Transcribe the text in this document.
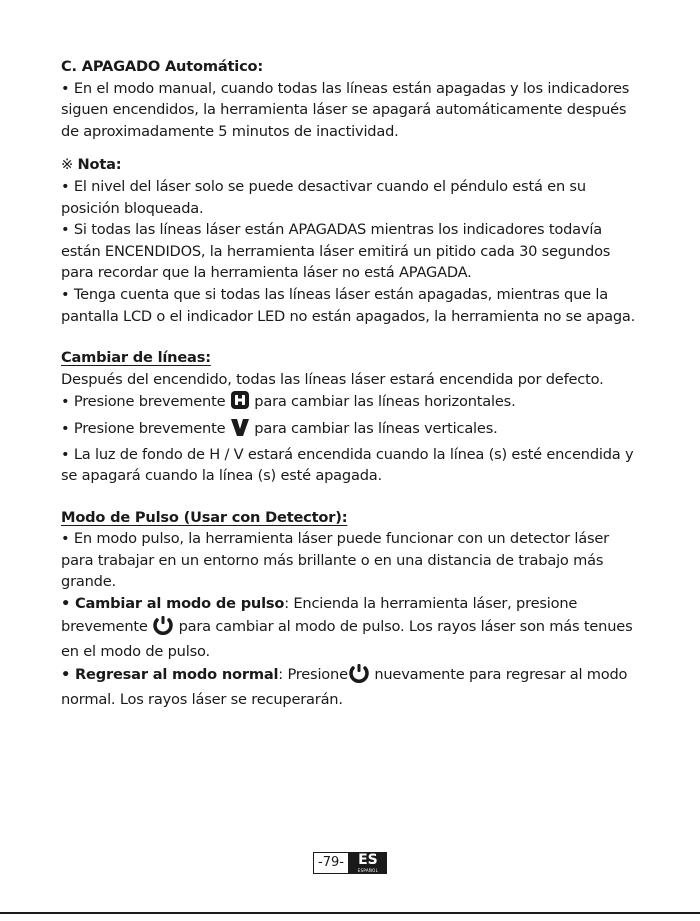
C. APAGADO Automático:

• En el modo manual, cuando todas las líneas están apagadas y los indicadores siguen encendidos, la herramienta láser se apagará automáticamente después de aproximadamente 5 minutos de inactividad.

※ Nota:

• El nivel del láser solo se puede desactivar cuando el péndulo está en su posición bloqueada.

• Si todas las líneas láser están APAGADAS mientras los indicadores todavía están ENCENDIDOS, la herramienta láser emitirá un pitido cada 30 segundos para recordar que la herramienta láser no está APAGADA.

• Tenga cuenta que si todas las líneas láser están apagadas, mientras que la pantalla LCD o el indicador LED no están apagados, la herramienta no se apaga.

Cambiar de líneas:

Después del encendido, todas las líneas láser estará encendida por defecto.

• Presione brevemente  para cambiar las líneas horizontales.

• Presione brevemente  para cambiar las líneas verticales.

• La luz de fondo de H / V estará encendida cuando la línea (s) esté encendida y se apagará cuando la línea (s) esté apagada.

Modo de Pulso (Usar con Detector):

• En modo pulso, la herramienta láser puede funcionar con un detector láser para trabajar en un entorno más brillante o en una distancia de trabajo más grande.

• Cambiar al modo de pulso: Encienda la herramienta láser, presione brevemente  para cambiar al modo de pulso. Los rayos láser son más tenues en el modo de pulso.

• Regresar al modo normal: Presione nuevamente para regresar al modo normal. Los rayos láser se recuperarán.

-79-	ES
ESPAÑOL
